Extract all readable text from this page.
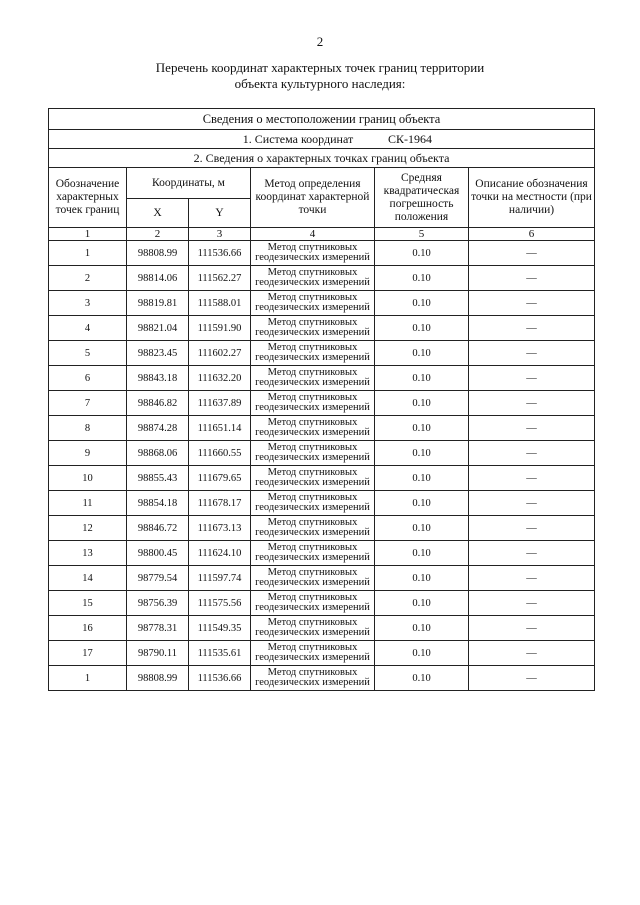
2
Перечень координат характерных точек границ территории
объекта культурного наследия:
Сведения о местоположении границ объекта					
1. Система координат СК-1964					
2. Сведения о характерных точках границ объекта					
Обозначение характерных точек границ	Координаты, м		Метод определения координат характерной точки	Средняя квадратическая погрешность положения	Описание обозначения точки на местности (при наличии)
	X	Y			
1	2	3	4	5	6
1	98808.99	111536.66	Метод спутниковых геодезических измерений	0.10	—
2	98814.06	111562.27	Метод спутниковых геодезических измерений	0.10	—
3	98819.81	111588.01	Метод спутниковых геодезических измерений	0.10	—
4	98821.04	111591.90	Метод спутниковых геодезических измерений	0.10	—
5	98823.45	111602.27	Метод спутниковых геодезических измерений	0.10	—
6	98843.18	111632.20	Метод спутниковых геодезических измерений	0.10	—
7	98846.82	111637.89	Метод спутниковых геодезических измерений	0.10	—
8	98874.28	111651.14	Метод спутниковых геодезических измерений	0.10	—
9	98868.06	111660.55	Метод спутниковых геодезических измерений	0.10	—
10	98855.43	111679.65	Метод спутниковых геодезических измерений	0.10	—
11	98854.18	111678.17	Метод спутниковых геодезических измерений	0.10	—
12	98846.72	111673.13	Метод спутниковых геодезических измерений	0.10	—
13	98800.45	111624.10	Метод спутниковых геодезических измерений	0.10	—
14	98779.54	111597.74	Метод спутниковых геодезических измерений	0.10	—
15	98756.39	111575.56	Метод спутниковых геодезических измерений	0.10	—
16	98778.31	111549.35	Метод спутниковых геодезических измерений	0.10	—
17	98790.11	111535.61	Метод спутниковых геодезических измерений	0.10	—
1	98808.99	111536.66	Метод спутниковых геодезических измерений	0.10	—
